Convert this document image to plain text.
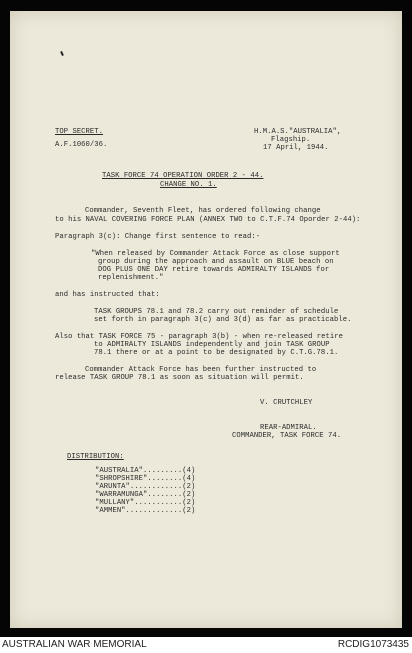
TOP SECRET.
A.F.1060/36.
H.M.A.S."AUSTRALIA",
Flagship.
17 April, 1944.
TASK FORCE 74 OPERATION ORDER 2 - 44.
CHANGE NO. 1.
Commander, Seventh Fleet, has ordered following change
to his NAVAL COVERING FORCE PLAN (ANNEX TWO to C.T.F.74 Oporder 2-44):
Paragraph 3(c): Change first sentence to read:-
"When released by Commander Attack Force as close support
group during the approach and assault on BLUE beach on
DOG PLUS ONE DAY retire towards ADMIRALTY ISLANDS for
replenishment."
and has instructed that:
TASK GROUPS 78.1 and 78.2 carry out reminder of schedule
set forth in paragraph 3(c) and 3(d) as far as practicable.
Also that TASK FORCE 75 - paragraph 3(b) - when re-released retire
to ADMIRALTY ISLANDS independently and join TASK GROUP
78.1 there or at a point to be designated by C.T.G.78.1.
Commander Attack Force has been further instructed to
release TASK GROUP 78.1 as soon as situation will permit.
V. CRUTCHLEY
REAR-ADMIRAL.
COMMANDER, TASK FORCE 74.
DISTRIBUTION:
"AUSTRALIA".........(4)
"SHROPSHIRE"........(4)
"ARUNTA"............(2)
"WARRAMUNGA"........(2)
"MULLANY"...........(2)
"AMMEN".............(2)
AUSTRALIAN WAR MEMORIAL	RCDIG1073435
